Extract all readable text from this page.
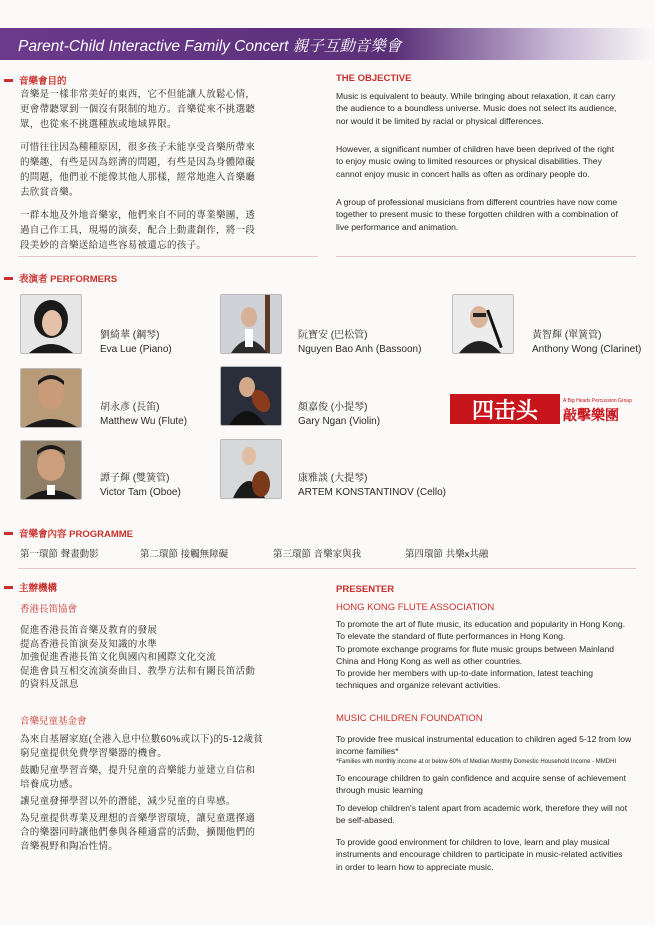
Parent-Child Interactive Family Concert 親子互動音樂會
音樂會目的	THE OBJECTIVE
音樂是一樣非常美好的東西，它不但能讓人放鬆心情，
更會帶聽眾到一個沒有限制的地方。音樂從來不挑選聽
眾，也從來不挑選種族或地域界限。
可惜往往因為種種原因，很多孩子未能享受音樂所帶來
的樂趣，有些是因為經濟的問題，有些是因為身體障礙
的問題，他們並不能像其他人那樣，經常地進入音樂廳
去欣賞音樂。
一群本地及外地音樂家，他們來自不同的專業樂團，透
過自己作工具，現場的演奏，配合上動畫創作，將一段
段美妙的音樂送給這些容易被遺忘的孩子。
Music is equivalent to beauty. While bringing about relaxation, it can carry
the audience to a boundless universe. Music does not select its audience,
nor would it be limited by racial or physical differences.
However, a significant number of children have been deprived of the right
to enjoy music owing to limited resources or physical disabilities. They
cannot enjoy music in concert halls as often as ordinary people do.
A group of professional musicians from different countries have now come
together to present music to these forgotten children with a combination of
live performance and animation.
表演者 PERFORMERS
劉綺華 (鋼琴)
Eva Lue (Piano)
阮寶安 (巴松管)
Nguyen Bao Anh (Bassoon)
黃智輝 (單簧管)
Anthony Wong (Clarinet)
胡永彥 (長笛)
Matthew Wu (Flute)
顏嘉俊 (小提琴)
Gary Ngan (Violin)	四击头	A Big Heads Percussion Group
敲擊樂團
譚子輝 (雙簧管)
Victor Tam (Oboe)
康雅談 (大提琴)
ARTEM KONSTANTINOV (Cello)
音樂會內容 PROGRAMME
第一環節 聲畫動影	第二環節 接觸無障礙	第三環節 音樂家與我	第四環節 共樂x共融
主辦機構	PRESENTER
香港長笛協會	HONG KONG FLUTE ASSOCIATION
促進香港長笛音樂及教育的發展
提高香港長笛演奏及知識的水準
加強促進香港長笛文化與國內和國際文化交流
促進會員互相交流演奏曲目、教學方法和有關長笛活動
的資料及訊息
To promote the art of flute music, its education and popularity in Hong Kong.
To elevate the standard of flute performances in Hong Kong.
To promote exchange programs for flute music groups between Mainland
China and Hong Kong as well as other countries.
To provide her members with up-to-date information, latest teaching
techniques and organize relevant activities.
音樂兒童基金會	MUSIC CHILDREN FOUNDATION
為來自基層家庭(全港入息中位數60%或以下)的5-12歲貧
窮兒童提供免費學習樂器的機會。
鼓勵兒童學習音樂，提升兒童的音樂能力並建立自信和
培養成功感。
讓兒童發揮學習以外的潛能，減少兒童的自卑感。
為兒童提供專業及理想的音樂學習環境，讓兒童選擇適
合的樂器同時讓他們參與各種適當的活動，擴闊他們的
音樂視野和陶冶性情。
To provide free musical instrumental education to children aged 5-12 from low
income families*
*Families with monthly income at or below 60% of Median Monthly Domestic Household Income - MMDHI
To encourage children to gain confidence and acquire sense of achievement
through music learning
To develop children's talent apart from academic work, therefore they will not
be self-abased.
To provide good environment for children to love, learn and play musical
instruments and encourage children to participate in music-related activities
in order to learn how to appreciate music.
